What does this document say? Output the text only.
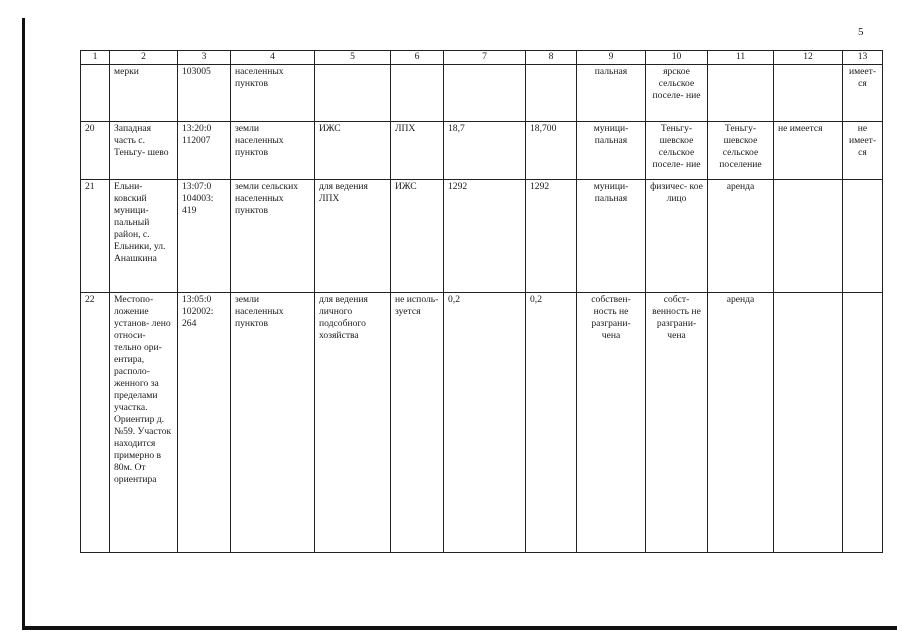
5
1	2	3	4	5	6	7	8	9	10	11	12	13
	мерки	103005	населенных пунктов					пальная	ярское сельское поселе- ние			имеет- ся
20	Западная часть с. Теньгу- шево	13:20:0 112007	земли населенных пунктов	ИЖС	ЛПХ	18,7	18,700	муници- пальная	Теньгу- шевское сельское поселе- ние	Теньгу- шевское сельское поселение	не имеется	не имеет- ся
21	Ельни- ковский муници- пальный район, с. Ельники, ул. Анашкина	13:07:0 104003: 419	земли сельских населенных пунктов	для ведения ЛПХ	ИЖС	1292	1292	муници- пальная	физичес- кое лицо	аренда		
22	Местопо- ложение установ- лено относи- тельно ори- ентира, располо- женного за пределами участка. Ориентир д. №59. Участок находится примерно в 80м. От ориентира	13:05:0 102002: 264	земли населенных пунктов	для ведения личного подсобного хозяйства	не исполь- зуется	0,2	0,2	собствен- ность не разграни- чена	собст- венность не разграни- чена	аренда		
